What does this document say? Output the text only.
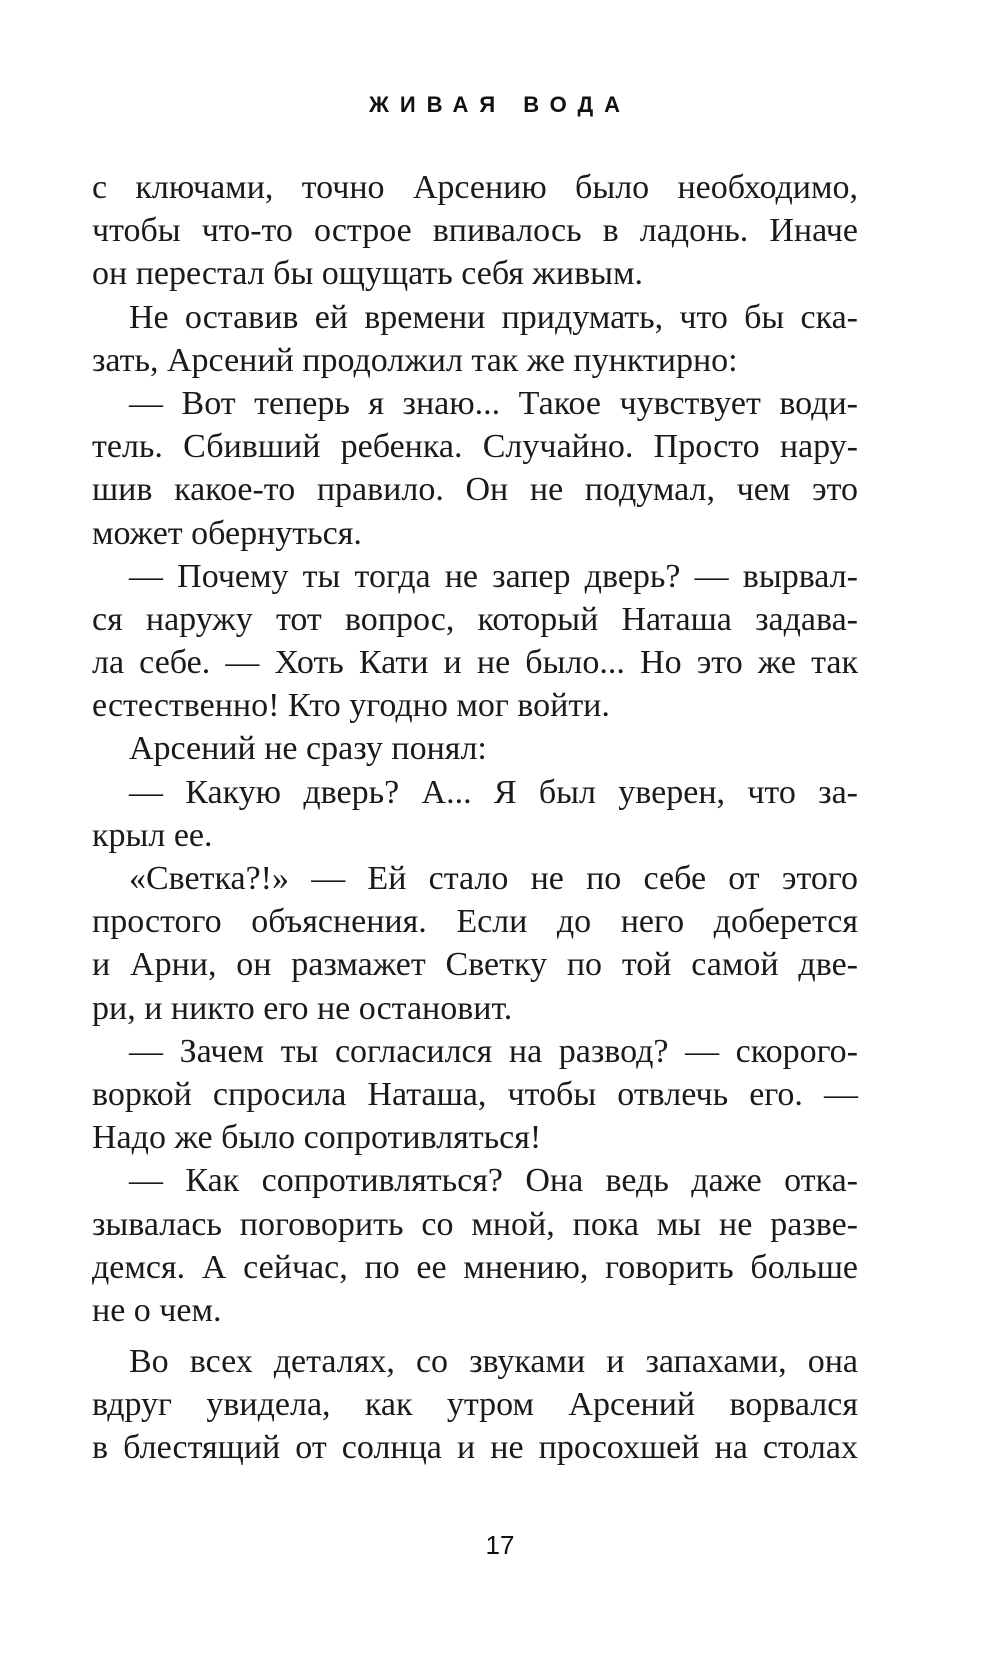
ЖИВАЯ ВОДА
с ключами, точно Арсению было необходимо,
чтобы что-то острое впивалось в ладонь. Иначе
он перестал бы ощущать себя живым.
Не оставив ей времени придумать, что бы ска-
зать, Арсений продолжил так же пунктирно:
— Вот теперь я знаю... Такое чувствует води-
тель. Сбивший ребенка. Случайно. Просто нару-
шив какое-то правило. Он не подумал, чем это
может обернуться.
— Почему ты тогда не запер дверь? — вырвал-
ся наружу тот вопрос, который Наташа задава-
ла себе. — Хоть Кати и не было... Но это же так
естественно! Кто угодно мог войти.
Арсений не сразу понял:
— Какую дверь? А... Я был уверен, что за-
крыл ее.
«Светка?!» — Ей стало не по себе от этого
простого объяснения. Если до него доберется
и Арни, он размажет Светку по той самой две-
ри, и никто его не остановит.
— Зачем ты согласился на развод? — скорого-
воркой спросила Наташа, чтобы отвлечь его. —
Надо же было сопротивляться!
— Как сопротивляться? Она ведь даже отка-
зывалась поговорить со мной, пока мы не разве-
демся. А сейчас, по ее мнению, говорить больше
не о чем.
Во всех деталях, со звуками и запахами, она
вдруг увидела, как утром Арсений ворвался
в блестящий от солнца и не просохшей на столах
17
